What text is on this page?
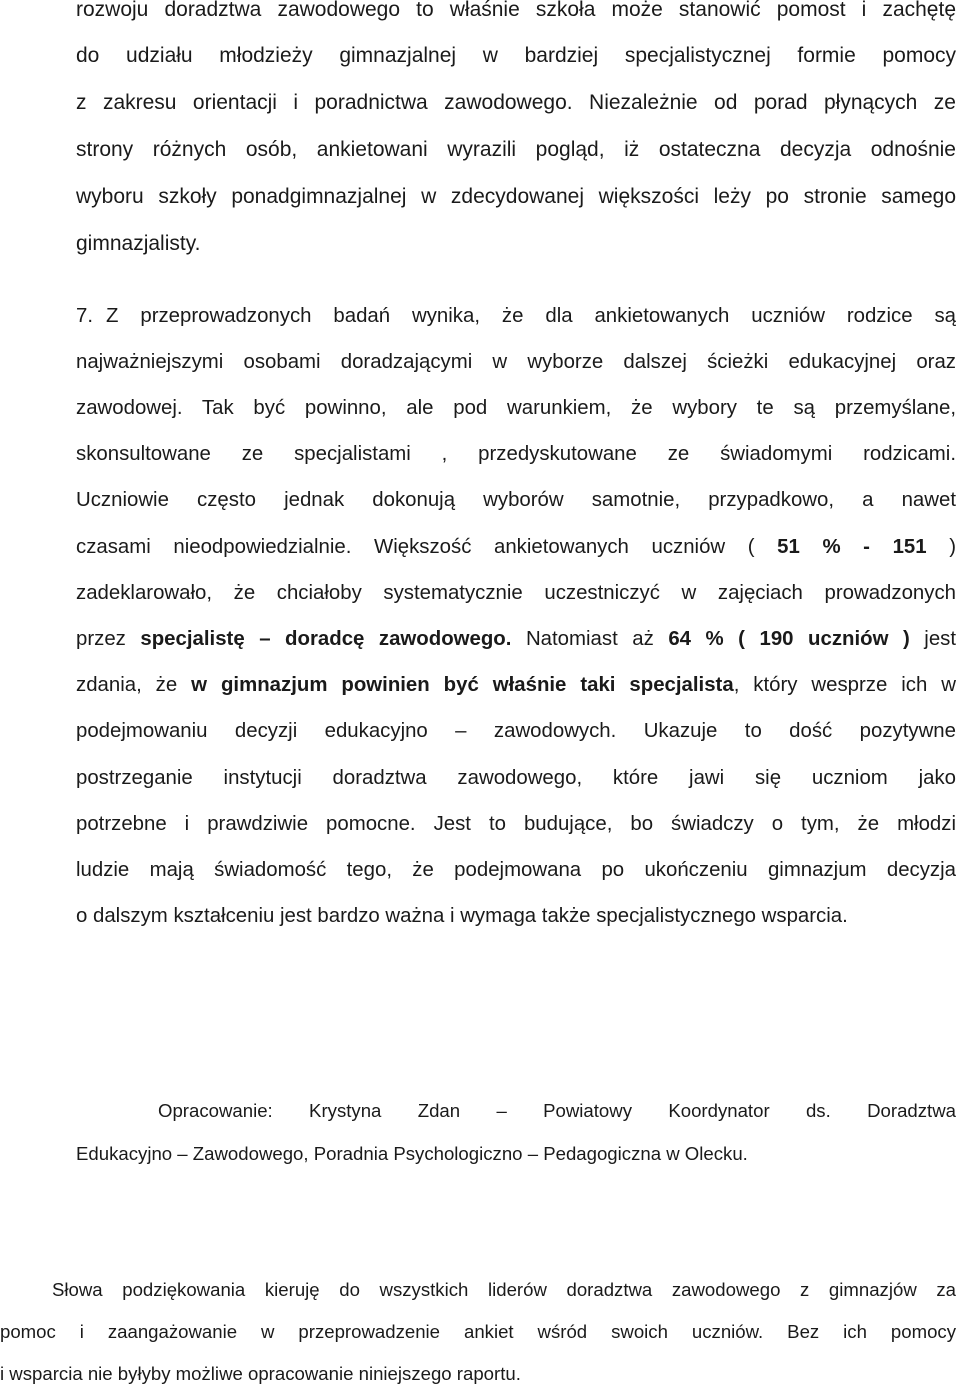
rozwoju doradztwa zawodowego to właśnie szkoła może stanowić pomost i zachętę

do udziału młodzieży gimnazjalnej w bardziej specjalistycznej formie pomocy

z zakresu orientacji i poradnictwa zawodowego. Niezależnie od porad płynących ze

strony różnych osób, ankietowani wyrazili pogląd, iż ostateczna decyzja odnośnie

wyboru szkoły ponadgimnazjalnej w zdecydowanej większości leży po stronie samego

gimnazjalisty.

7. Z przeprowadzonych badań wynika, że dla ankietowanych uczniów rodzice są

najważniejszymi osobami doradzającymi w wyborze dalszej ścieżki edukacyjnej oraz

zawodowej. Tak być powinno, ale pod warunkiem, że wybory te są przemyślane,

skonsultowane ze specjalistami , przedyskutowane ze świadomymi rodzicami.

Uczniowie często jednak dokonują wyborów samotnie, przypadkowo, a nawet

czasami nieodpowiedzialnie. Większość ankietowanych uczniów ( 51 % - 151 )

zadeklarowało, że chciałoby systematycznie uczestniczyć w zajęciach prowadzonych

przez specjalistę – doradcę zawodowego. Natomiast aż 64 % ( 190 uczniów ) jest

zdania, że w gimnazjum powinien być właśnie taki specjalista, który wesprze ich w

podejmowaniu decyzji edukacyjno – zawodowych. Ukazuje to dość pozytywne

postrzeganie instytucji doradztwa zawodowego, które jawi się uczniom jako

potrzebne i prawdziwie pomocne. Jest to budujące, bo świadczy o tym, że młodzi

ludzie mają świadomość tego, że podejmowana po ukończeniu gimnazjum decyzja

o dalszym kształceniu jest bardzo ważna i wymaga także specjalistycznego wsparcia.

Opracowanie: Krystyna Zdan – Powiatowy Koordynator ds. Doradztwa

Edukacyjno – Zawodowego, Poradnia Psychologiczno – Pedagogiczna w Olecku.

Słowa podziękowania kieruję do wszystkich liderów doradztwa zawodowego z gimnazjów za

pomoc i zaangażowanie w przeprowadzenie ankiet wśród swoich uczniów. Bez ich pomocy

i wsparcia nie byłyby możliwe opracowanie niniejszego raportu.
